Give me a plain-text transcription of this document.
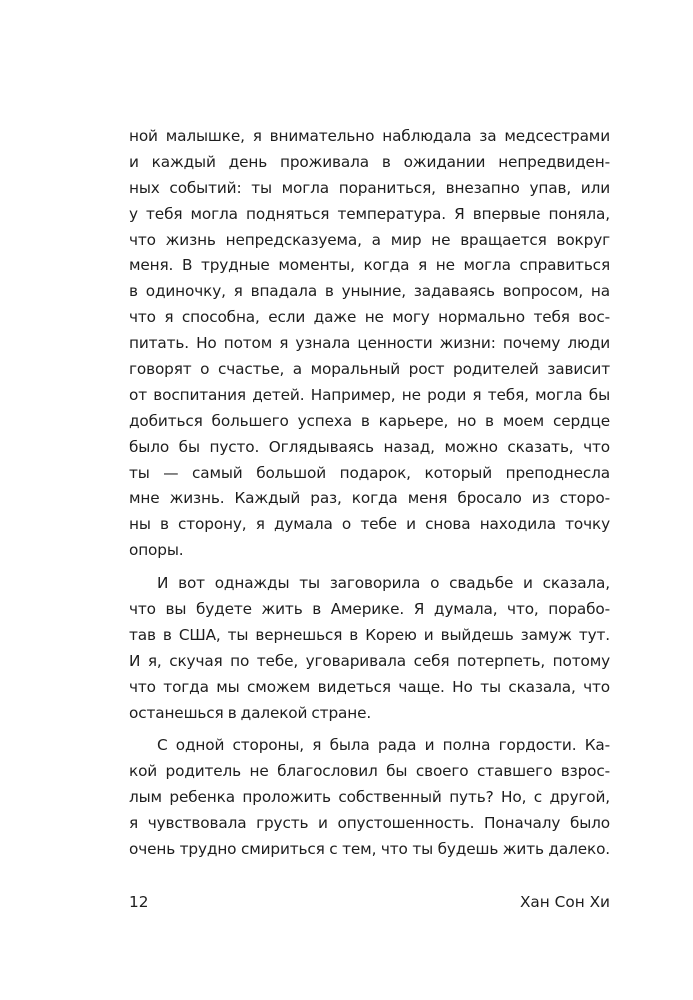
ной малышке, я внимательно наблюдала за медсестрами
и каждый день проживала в ожидании непредвиден-
ных событий: ты могла пораниться, внезапно упав, или
у тебя могла подняться температура. Я впервые поняла,
что жизнь непредсказуема, а мир не вращается вокруг
меня. В трудные моменты, когда я не могла справиться
в одиночку, я впадала в уныние, задаваясь вопросом, на
что я способна, если даже не могу нормально тебя вос-
питать. Но потом я узнала ценности жизни: почему люди
говорят о счастье, а моральный рост родителей зависит
от воспитания детей. Например, не роди я тебя, могла бы
добиться большего успеха в карьере, но в моем сердце
было бы пусто. Оглядываясь назад, можно сказать, что
ты — самый большой подарок, который преподнесла
мне жизнь. Каждый раз, когда меня бросало из сторо-
ны в сторону, я думала о тебе и снова находила точку
опоры.
И вот однажды ты заговорила о свадьбе и сказала,
что вы будете жить в Америке. Я думала, что, порабо-
тав в США, ты вернешься в Корею и выйдешь замуж тут.
И я, скучая по тебе, уговаривала себя потерпеть, потому
что тогда мы сможем видеться чаще. Но ты сказала, что
останешься в далекой стране.
С одной стороны, я была рада и полна гордости. Ка-
кой родитель не благословил бы своего ставшего взрос-
лым ребенка проложить собственный путь? Но, с другой,
я чувствовала грусть и опустошенность. Поначалу было
очень трудно смириться с тем, что ты будешь жить далеко.
12	Хан Сон Хи
